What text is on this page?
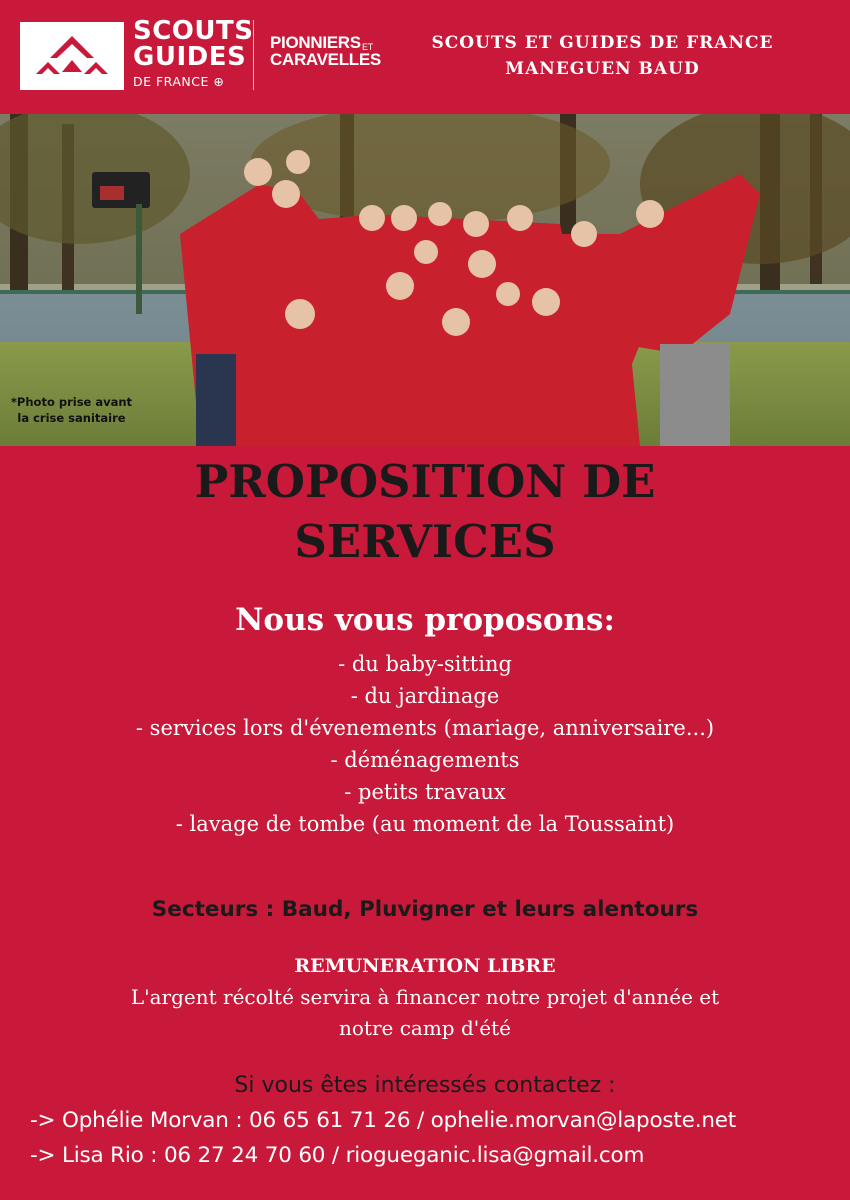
SCOUTS
GUIDES
DE FRANCE ⊕
PIONNIERS ET
CARAVELLES
SCOUTS ET GUIDES DE FRANCE
MANEGUEN BAUD
*Photo prise avant
la crise sanitaire
PROPOSITION DE
SERVICES
Nous vous proposons:
- du baby-sitting
- du jardinage
- services lors d'évenements (mariage, anniversaire...)
- déménagements
- petits travaux
- lavage de tombe (au moment de la Toussaint)
Secteurs : Baud, Pluvigner et leurs alentours
REMUNERATION LIBRE
L'argent récolté servira à financer notre projet d'année et
notre camp d'été
Si vous êtes intéressés contactez :
-> Ophélie Morvan : 06 65 61 71 26 / ophelie.morvan@laposte.net
-> Lisa Rio : 06 27 24 70 60 / riogueganic.lisa@gmail.com
